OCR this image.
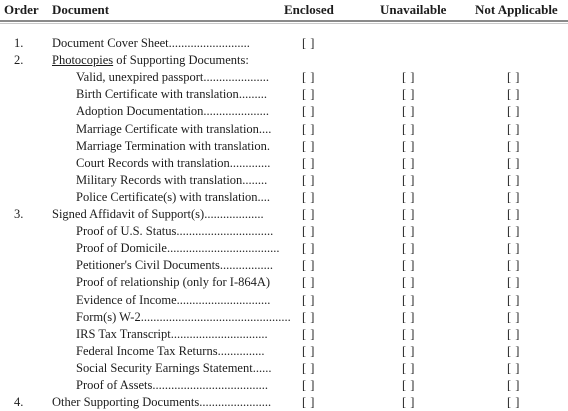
Order Document	Enclosed	Unavailable Not Applicable
1. Document Cover Sheet..........................	[ ]
2. Photocopies of Supporting Documents:
Valid, unexpired passport.....................	[ ]	[ ]	[ ]
Birth Certificate with translation.........	[ ]	[ ]	[ ]
Adoption Documentation.....................	[ ]	[ ]	[ ]
Marriage Certificate with translation.... [ ]	[ ]	[ ]
Marriage Termination with translation.	[ ]	[ ]	[ ]
Court Records with translation.............	[ ]	[ ]	[ ]
Military Records with translation........	[ ]	[ ]	[ ]
Police Certificate(s) with translation....	[ ]	[ ]	[ ]
3. Signed Affidavit of Support(s)...................	[ ]	[ ]	[ ]
Proof of U.S. Status............................... [ ]	[ ]	[ ]
Proof of Domicile.................................... [ ]	[ ]	[ ]
Petitioner's Civil Documents................. [ ]	[ ]	[ ]
Proof of relationship (only for I-864A)	[ ]	[ ]	[ ]
Evidence of Income..............................	[ ]	[ ]	[ ]
Form(s) W-2................................................ [ ]	[ ]	[ ]
IRS Tax Transcript...............................	[ ]	[ ]	[ ]
Federal Income Tax Returns...............	[ ]	[ ]	[ ]
Social Security Earnings Statement...... [ ]	[ ]	[ ]
Proof of Assets.....................................	[ ]	[ ]	[ ]
4. Other Supporting Documents....................... [ ]	[ ]	[ ]
